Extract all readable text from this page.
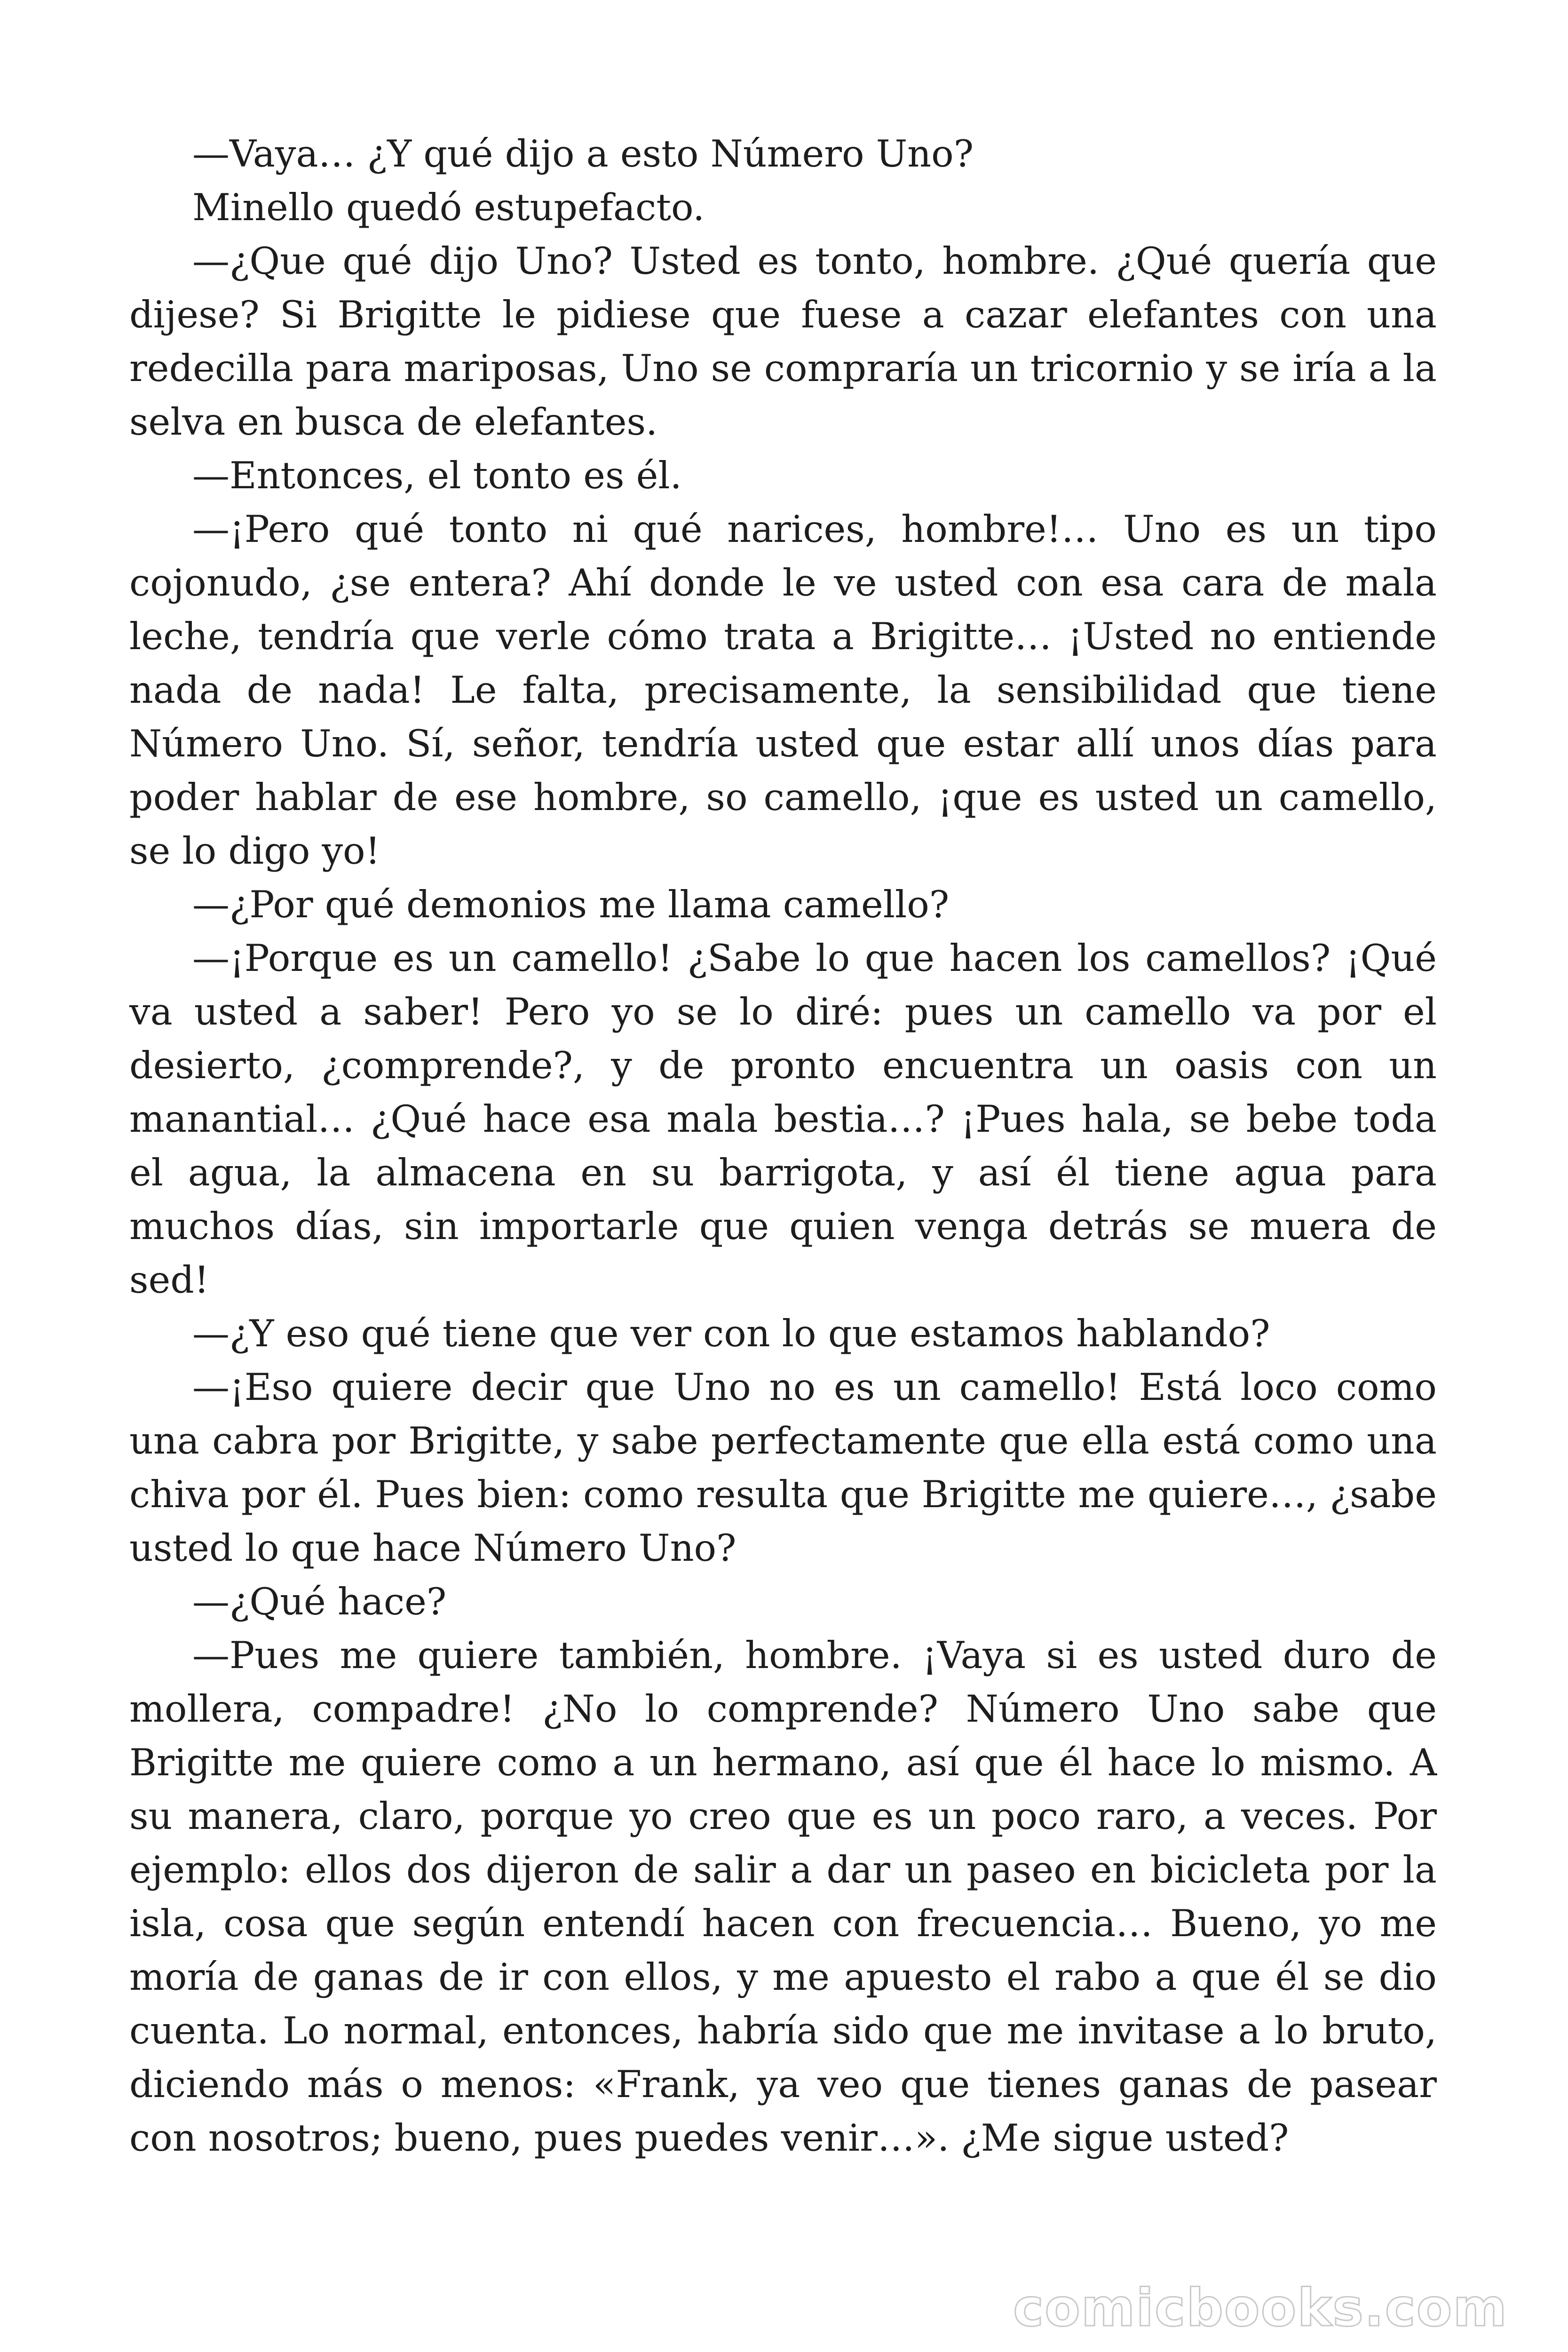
—Vaya… ¿Y qué dijo a esto Número Uno?

Minello quedó estupefacto.

—¿Que qué dijo Uno? Usted es tonto, hombre. ¿Qué quería que dijese? Si Brigitte le pidiese que fuese a cazar elefantes con una redecilla para mariposas, Uno se compraría un tricornio y se iría a la selva en busca de elefantes.

—Entonces, el tonto es él.

—¡Pero qué tonto ni qué narices, hombre!… Uno es un tipo cojonudo, ¿se entera? Ahí donde le ve usted con esa cara de mala leche, tendría que verle cómo trata a Brigitte… ¡Usted no entiende nada de nada! Le falta, precisamente, la sensibilidad que tiene Número Uno. Sí, señor, tendría usted que estar allí unos días para poder hablar de ese hombre, so camello, ¡que es usted un camello, se lo digo yo!

—¿Por qué demonios me llama camello?

—¡Porque es un camello! ¿Sabe lo que hacen los camellos? ¡Qué va usted a saber! Pero yo se lo diré: pues un camello va por el desierto, ¿comprende?, y de pronto encuentra un oasis con un manantial… ¿Qué hace esa mala bestia…? ¡Pues hala, se bebe toda el agua, la almacena en su barrigota, y así él tiene agua para muchos días, sin importarle que quien venga detrás se muera de sed!

—¿Y eso qué tiene que ver con lo que estamos hablando?

—¡Eso quiere decir que Uno no es un camello! Está loco como una cabra por Brigitte, y sabe perfectamente que ella está como una chiva por él. Pues bien: como resulta que Brigitte me quiere…, ¿sabe usted lo que hace Número Uno?

—¿Qué hace?

—Pues me quiere también, hombre. ¡Vaya si es usted duro de mollera, compadre! ¿No lo comprende? Número Uno sabe que Brigitte me quiere como a un hermano, así que él hace lo mismo. A su manera, claro, porque yo creo que es un poco raro, a veces. Por ejemplo: ellos dos dijeron de salir a dar un paseo en bicicleta por la isla, cosa que según entendí hacen con frecuencia… Bueno, yo me moría de ganas de ir con ellos, y me apuesto el rabo a que él se dio cuenta. Lo normal, entonces, habría sido que me invitase a lo bruto, diciendo más o menos: «Frank, ya veo que tienes ganas de pasear con nosotros; bueno, pues puedes venir…». ¿Me sigue usted?

comicbooks.com
